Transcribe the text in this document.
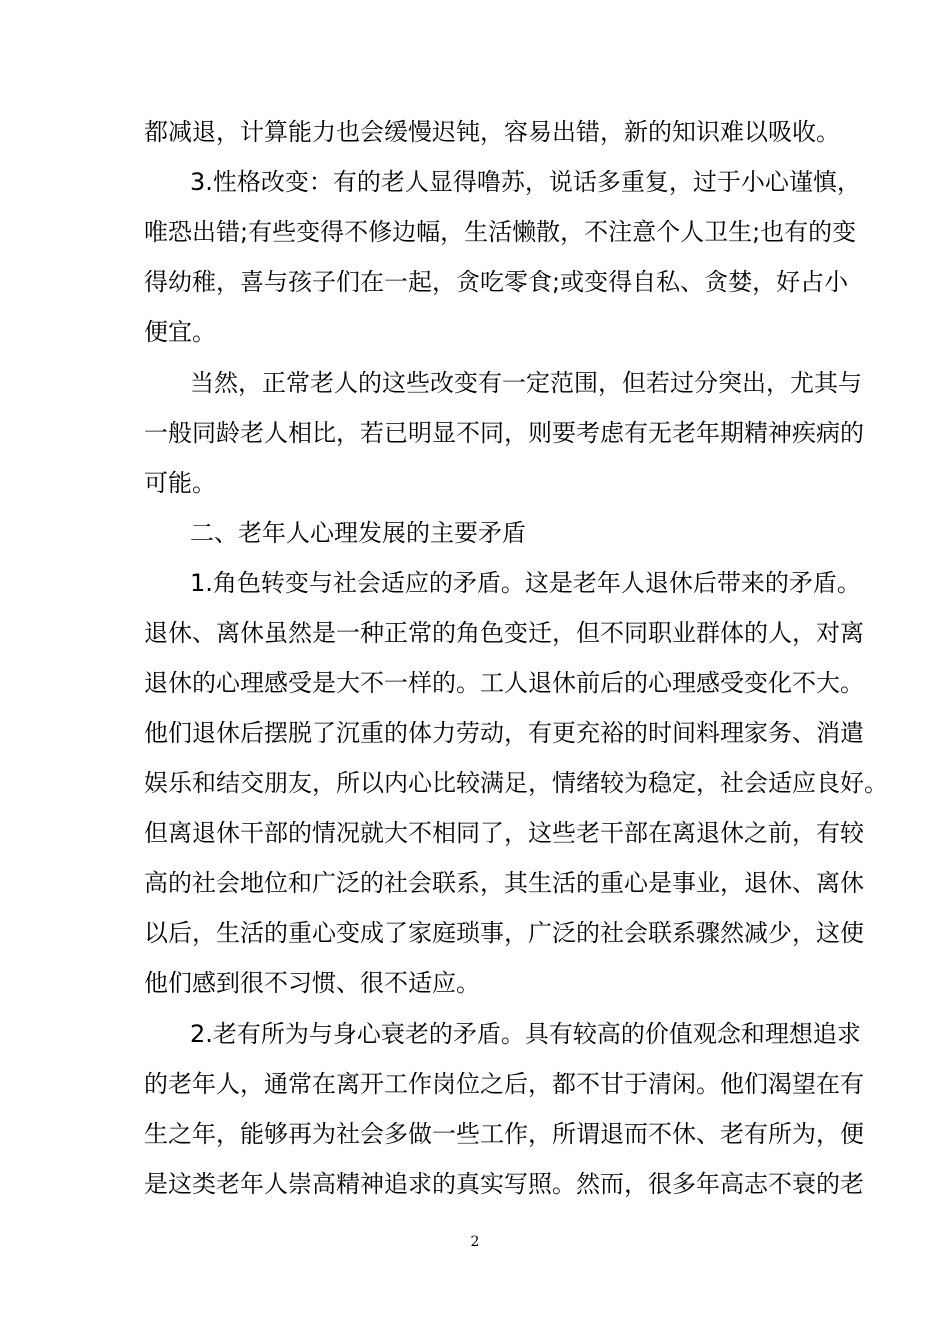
都减退，计算能力也会缓慢迟钝，容易出错，新的知识难以吸收。
3.性格改变：有的老人显得噜苏，说话多重复，过于小心谨慎，
唯恐出错;有些变得不修边幅，生活懒散，不注意个人卫生;也有的变
得幼稚，喜与孩子们在一起，贪吃零食;或变得自私、贪婪，好占小
便宜。
当然，正常老人的这些改变有一定范围，但若过分突出，尤其与
一般同龄老人相比，若已明显不同，则要考虑有无老年期精神疾病的
可能。
二、老年人心理发展的主要矛盾
1.角色转变与社会适应的矛盾。这是老年人退休后带来的矛盾。
退休、离休虽然是一种正常的角色变迁，但不同职业群体的人，对离
退休的心理感受是大不一样的。工人退休前后的心理感受变化不大。
他们退休后摆脱了沉重的体力劳动，有更充裕的时间料理家务、消遣
娱乐和结交朋友，所以内心比较满足，情绪较为稳定，社会适应良好。
但离退休干部的情况就大不相同了，这些老干部在离退休之前，有较
高的社会地位和广泛的社会联系，其生活的重心是事业，退休、离休
以后，生活的重心变成了家庭琐事，广泛的社会联系骤然减少，这使
他们感到很不习惯、很不适应。
2.老有所为与身心衰老的矛盾。具有较高的价值观念和理想追求
的老年人，通常在离开工作岗位之后，都不甘于清闲。他们渴望在有
生之年，能够再为社会多做一些工作，所谓退而不休、老有所为，便
是这类老年人崇高精神追求的真实写照。然而，很多年高志不衰的老
2
